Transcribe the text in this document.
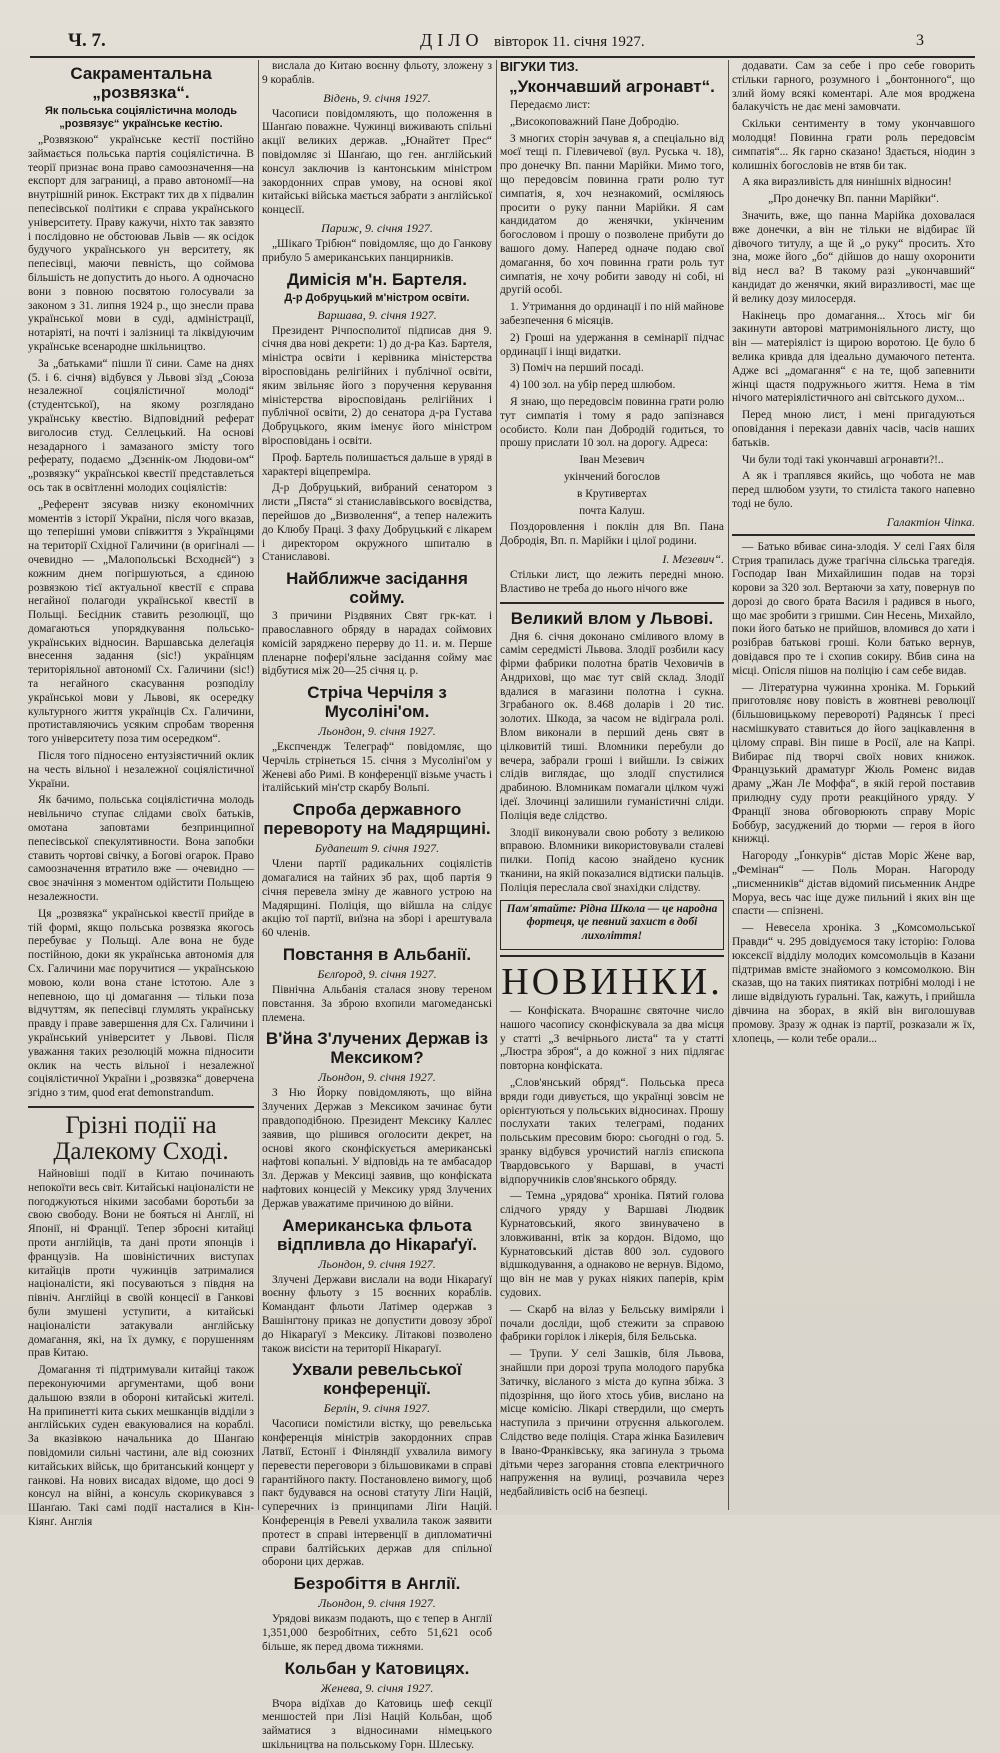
Ч. 7.	ДІЛО вівторок 11. січня 1927.	3
Сакраментальна „розвязка“.
Як польська соціялістична молодь „розвязує“ українське кестію.

„Розвязкою“ українське кестії постійно займається польська партія соціялістична. В теорії признає вона право самоозначення—на експорт для заграниці, а право автономії—на внутрішній ринок. Екстракт тих дв х підвалин пепесівської політики є справа українського університету. Праву кажучи, ніхто так завзято і послідовно не обстоював Львів — як осідок будучого українського ун верситету, як пепесівці, маючи певність, що соймова більшість не допустить до нього. А одночасно вони з повною посвятою голосували за законом з 31. липня 1924 р., що знесли права української мови в суді, адміністрації, нотаріяті, на почті і залізниці та ліквідуючим українське всенародне шкільництво.

За „батьками“ пішли її сини. Саме на днях (5. і 6. січня) відбувся у Львові зїзд „Союза незалежної соціялістичної молоді“ (студентської), на якому розглядано українську квестію. Відповідний реферат виголосив студ. Селлецький. На основі незадарного і замазаного змісту того реферату, подаємо „Дзєннік-ом Людови-ом“ „розвязку“ українськоі квестії представлеться ось так в освітленні молодих соціялістів:

„Референт зясував низку економічних моментів з історії України, після чого вказав, що теперішні умови співжиття з Українцями на території Східної Галичини (в оригіналі — очевидно — „Малопольські Всходнєй“) з кожним днем погіршуються, а єдиною розвязкою тієї актуальної квестії є справа негайної полагоди української квестії в Польщі. Бесідник ставить резолюції, що домагаються упорядкування польсько-українських відносин. Варшавська делеґація внесення задання (sic!) українцям територіяльної автономії Сх. Галичини (sic!) та негайного скасування розподілу українськоі мови у Львові, як осередку культурного життя українців Сх. Галичини, протиставляючись усяким спробам творення того університету поза тим осередком“.

Після того підносено ентузіястичний оклик на честь вільної і незалежної соціялістичної України.

Як бачимо, польська соціялістична молодь невільничо ступає слідами своїх батьків, омотана заповтами безпринципної пепесівської спекулятивности. Вона запобки ставить чортові свічку, а Богові огарок. Право самоозначення втратило вже — очевидно — своє значіння з моментом одійстити Польщею незалежности.

Ця „розвязка“ українськоі квестії прийде в тій формі, якщо польська розвязка якогось перебуває у Польщі. Але вона не буде постійною, доки як українська автономія для Сх. Галичини має поручитися — українською мовою, коли вона стане істотою. Але з непевною, що ці домагання — тільки поза відчуттям, як пепесівці глумлять українську правду і праве завершення для Сх. Галичини і український університет у Львові. Після уважання таких резолюцій можна підносити оклик на честь вільної і незалежної соціялістичної України і „розвязка“ доверчена згідно з тим, quod erat demonstrandum.

Грізні події на Далекому Сході.

Найновіші події в Китаю починають непокоїти весь світ. Китайські націоналісти не погоджуються нікими засобами боротьби за свою свободу. Вони не бояться ні Англії, ні Японії, ні Франції. Тепер зброєні китайці проти англійців, та дані проти японців і французів. На шовіністичних виступах китайців проти чужинців затрималися націоналісти, які посуваються з півдня на північ. Англійці в своїй концесії в Ганкові були змушені уступити, а китайські націоналісти затакували англійську домагання, які, на їх думку, є порушенням прав Китаю.

Домагання ті підтримували китайці також переконуючими аргументами, щоб вони дальшою взяли в обороні китайські жителі. На припинетті кита ських мешканців відділи з англійських суден евакуювалися на кораблі. За вказівкою начальника до Шанґаю повідомили сильні частини, але від союзних китайських військ, що британський концерт у ганкові. На нових висадах відоме, що досі 9 консул на війні, а консуль скорикувався з Шанґаю. Такі самі події насталися в Кін-Кіянґ. Англія

вислала до Китаю воєнну фльоту, зложену з 9 кораблів.

Відень, 9. січня 1927.

Часописи повідомляють, що положення в Шанґаю поважне. Чужинці виживають спільні акції великих держав. „Юнайтет Прес“ повідомляє зі Шанґаю, що ген. англійський консул заключив із кантонським міністром закордонних справ умову, на основі якої китайські війська мається забрати з англійської концесії.

Париж, 9. січня 1927.

„Шікаго Трібюн“ повідомляє, що до Ганкову прибуло 5 американських панцирників.

Димісія м'н. Бартеля.
Д-р Добруцький м'ністром освіти.
Варшава, 9. січня 1927.

Президент Річпосполитої підписав дня 9. січня два нові декрети: 1) до д-ра Каз. Бартеля, міністра освіти і керівника міністерства віросповідань релігійних і публічної освіти, яким звільняє його з поручення керування міністерства віросповідань релігійних і публічної освіти, 2) до сенатора д-ра Густава Добруцького, яким іменує його міністром віросповідань і освіти.

Проф. Бартель полишається дальше в уряді в характері віцепреміра.

Д-р Добруцький, вибраний сенатором з листи „Пяста“ зі станиславівського воєвідства, перейшов до „Визволення“, а тепер належить до Клюбу Праці. З фаху Добруцький є лікарем і директором окружного шпиталю в Станиславові.

Найближче засідання сойму.

З причини Різдвяних Свят грк-кат. і православного обряду в нарадах соймових комісій зарядженo перерву до 11. и. м. Перше пленарне пофері'яльне засідання сойму має відбутися між 20—25 січня ц. р.

Стріча Черчіля з Мусоліні'ом.
Льондон, 9. січня 1927.

„Експчендж Телеграф“ повідомляє, що Черчіль стрінеться 15. січня з Мусоліні'ом у Женеві або Римі. В конференції візьме участь і італійський мін'стр скарбу Вольпі.

Спроба державного перевороту на Мадярщині.
Будапешт 9. січня 1927.

Члени партії радикальних соціялістів домагалися на тайних зб рах, щоб партія 9 січня перевела зміну де жавного устрою на Мадярщині. Поліція, що війшла на слідує акцію тої партії, виїзна на зборі і арештувала 60 членів.

Повстання в Альбанії.
Бєлґород, 9. січня 1927.

Північна Альбанія сталася знову тереном повстання. За зброю вхопили магомеданські племена.

В'йна З'лучених Держав із Мексиком?
Льондон, 9. січня 1927.

З Ню Йорку повідомляють, що війна Злучених Держав з Мексиком зачинає бути правдоподібною. Президент Мексику Каллес заявив, що рішився оголосити декрет, на основі якого сконфіскується американські нафтові копальні. У відповідь на те амбасадор Зл. Держав у Мексиці заявив, що конфіската нафтових концесій у Мексику уряд Злучених Держав уважатиме причиною до війни.

Американська фльота відпливла до Нікараґуї.
Льондон, 9. січня 1927.

Злучені Держави вислали на води Нікараґуї воєнну фльоту з 15 воєнних кораблів. Командант фльоти Латімер одержав з Вашінґтону приказ не допустити довозу зброї до Нікараґуї з Мексику. Літакові позволено також висісти на території Нікараґуї.

Ухвали ревельської конференції.
Берлін, 9. січня 1927.

Часописи помістили вістку, що ревельська конференція міністрів закордонних справ Латвії, Естонії і Фінляндії ухвалила вимогу перевести переговори з більшовиками в справі гарантійного пакту. Постановлено вимогу, щоб пакт будувався на основі статуту Ліґи Націй, суперечних із принципами Ліґи Націй. Конференція в Ревелі ухвалила також заявити протест в справі інтервенції в дипломатичні справи балтійських держав для спільної оборони цих держав.

Безробіття в Англії.
Льондон, 9. січня 1927.

Урядові виказм подають, що є тепер в Англії 1,351,000 безробітних, себто 51,621 особ більше, як перед двома тижнями.

Кольбан у Катовицях.
Женева, 9. січня 1927.

Вчора відїхав до Катовиць шеф секції меншостей при Лізі Націй Кольбан, щоб займатися з відносинами німецького шкільництва на польському Горн. Шлеську.

ВІГУКИ ТИЗ.
„Укончавший агронавт“.

Передаємо лист:

„Високоповажний Пане Добродію.

З многих сторін зачував я, а спеціально від моєї тещі п. Гілевичевої (вул. Руська ч. 18), про донечку Вп. панни Марійки. Мимо того, що передовсім повинна грати ролю тут симпатія, я, хоч незнакомий, осміляюсь просити о руку панни Марійки. Я сам кандидатом до женячки, укінченим богословом і прошу о позволене прибути до вашого дому. Наперед одначе подаю свої домагання, бо хоч повинна грати роль тут симпатія, не хочу робити заводу ні собі, ні другій особі.

1. Утримання до ординації і по ній майнове забезпечення 6 місяців.

2) Гроші на удержання в семінарії підчас ординації і інщі видатки.

3) Поміч на перший посаді.

4) 100 зол. на убір перед шлюбом.

Я знаю, що передовсім повинна грати ролю тут симпатія і тому я радо запізнався особисто. Коли пан Добродій годиться, то прошу прислати 10 зол. на дорогу. Адреса:

Іван Мезевич

укінчений богослов

в Крутивертах

почта Калуш.

Поздоровлення і поклін для Вп. Пана Добродія, Вп. п. Марійки і цілої родини.

І. Мезевич“.

Стільки лист, що лежить передні мною. Властиво не треба до нього нічого вже

Великий влом у Львові.

Дня 6. січня доконано сміливого влому в самім середмісті Львова. Злодії розбили касу фірми фабрики полотна братів Чеховичів в Андрихові, що має тут свій склад. Злодії вдалися в магазини полотна і сукна. Зграбаного ок. 8.468 доларів і 20 тис. золотих. Шкода, за часом не відіграла ролі. Влом виконали в перший день свят в цілковитій тиші. Вломники перебули до вечера, забрали гроші і вийшли. Із свіжих слідів виглядає, що злодії спустилися драбиною. Вломникам помагали цілком чужі ідеї. Злочинці залишили гуманістичні сліди. Поліція веде слідство.

Злодії виконували свою роботу з великою вправою. Вломники використовували сталеві пилки. Попід касою знайдено кусник тканини, на якій показалися відтиски пальців. Поліція переслала свої знахідки слідству.

Пам'ятайте: Рідна Школа — це народна фортеця, це певний захист в добі лихоліття!

НОВИНКИ.

— Конфіската. Вчорашнє святочне число нашого часопису сконфіскувала за два місця у статті „З вечірнього листа“ та у статті „Люстра зброя“, а до кожної з них підлягає повторна конфіската.

„Слов'янський обряд“. Польська преса вряди годи дивується, що українці зовсім не орієнтуються у польських відносинах. Прошу послухати таких телеграмі, поданих польським пресовим бюро: сьогодні о год. 5. зранку відбувся урочистий нагліз єпископа Твардовського у Варшаві, в участі відпоручників слов'янського обряду.

— Темна „урядова“ хроніка. Пятий голова слідчого уряду у Варшаві Людвик Курнатовський, якого звинувачено в зловживанні, втік за кордон. Відомо, що Курнатовський дістав 800 зол. судового відшкодування, а однаково не вернув. Відомо, що він не мав у руках ніяких паперів, крім судових.

— Скарб на вілаз у Бельську виміряли і почали досліди, щоб стежити за справою фабрики горілок і лікерія, біля Бельська.

— Трупи. У селі Зашків, біля Львова, знайшли при дорозі трупа молодого парубка Затичку, вісланого з міста до купна збіжа. З підозріння, що його хтось убив, вислано на місце комісію. Лікарі ствердили, що смерть наступила з причини отруєння алькоголем. Слідство веде поліція. Стара жінка Базилевич в Івано-Франківську, яка загинула з трьома дітьми через загорання стовпа електричного напруження на вулиці, розчавила через недбайливість осіб на безпеці.

додавати. Сам за себе і про себе говорить стільки гарного, розумного і „бонтонного“, що злий йому всякі коментарі. Але моя вроджена балакучість не дає мені замовчати.

Скільки сентименту в тому укончавшого молодця! Повинна грати роль передовсім симпатія“... Як гарно сказано! Здається, ніодин з колишніх богословів не втяв би так.

А яка виразливість для нинішніх відносин!

„Про донечку Вп. панни Марійки“.

Значить, вже, що панна Марійка доховалася вже донечки, а він не тільки не відбирає їй дівочого титулу, а ще й „о руку“ просить. Хто зна, може його „бо“ дійшов до нашу охоронити від несл ва? В такому разі „укончавший“ кандидат до женячки, який виразливості, має ще й велику дозу милосердя.

Накінець про домагання... Хтось міг би закинути авторові матримоніяльного листу, що він — матеріяліст із щирою воротою. Це було б велика кривда для ідеально думаючого петента. Адже всі „домагання“ є на те, щоб запевнити жінці щастя подружнього життя. Нема в тім нічого матеріялістичного ані світського духом...

Перед мною лист, і мені пригадуються оповідання і перекази давніх часів, часів наших батьків.

Чи були тоді такі укончавші агронавти?!..

А як і траплявся якийсь, що чобота не мав перед шлюбом узути, то стиліста такого напевно тоді не було.

Галактіон Чіпка.

— Батько вбиває сина-злодія. У селі Гаях біля Стрия трапилась дуже трагічна сільська трагедія. Господар Іван Михайлишин подав на торзі корови за 320 зол. Вертаючи за хату, повернув по дорозі до свого брата Василя і радився в нього, що має зробити з гришми. Син Несень, Михайло, поки його батько не прийшов, вломився до хати і розібрав батькові гроші. Коли батько вернув, довідався про те і схопив сокиру. Вбив сина на місці. Опісля пішов на поліцію і сам себе видав.

— Літературна чужинна хроніка. М. Горький приготовляє нову повість в жовтневі революції (більшовицькому перевороті) Радянськ ї пресі насмішкувато ставиться до його зацікавлення в цілому справі. Він пише в Росії, але на Капрі. Вибирає під творчі своїх нових книжок. Французький драматург Жюль Роменс видав драму „Жан Ле Моффа“, в якій герой поставив прилюдну суду проти реакційного уряду. У Франції знова обговорюють справу Моріс Боббур, засуджений до тюрми — героя в його книжці.

Нагороду „Ґонкурів“ дістав Моріс Жене вар, „Фемінан“ — Поль Моран. Нагороду „писменників“ дістав відомий письменник Андре Моруа, весь час іще дуже пильний і яких він ще спасти — спізнені.

— Невесела хроніка. З „Комсомольської Правди“ ч. 295 довідуємося таку історію: Голова юксексії відділу молодих комсомольців в Казани підтримав вмісте знайомого з комсомолкою. Він сказав, що на таких пиятиках потрібні молоді і не лише відвідують ґуральні. Так, кажуть, і прийшла дівчина на зборах, в якій він виголошував промову. Зразу ж однак із партії, розказали ж їх, хлопець, — коли тебе орали...
